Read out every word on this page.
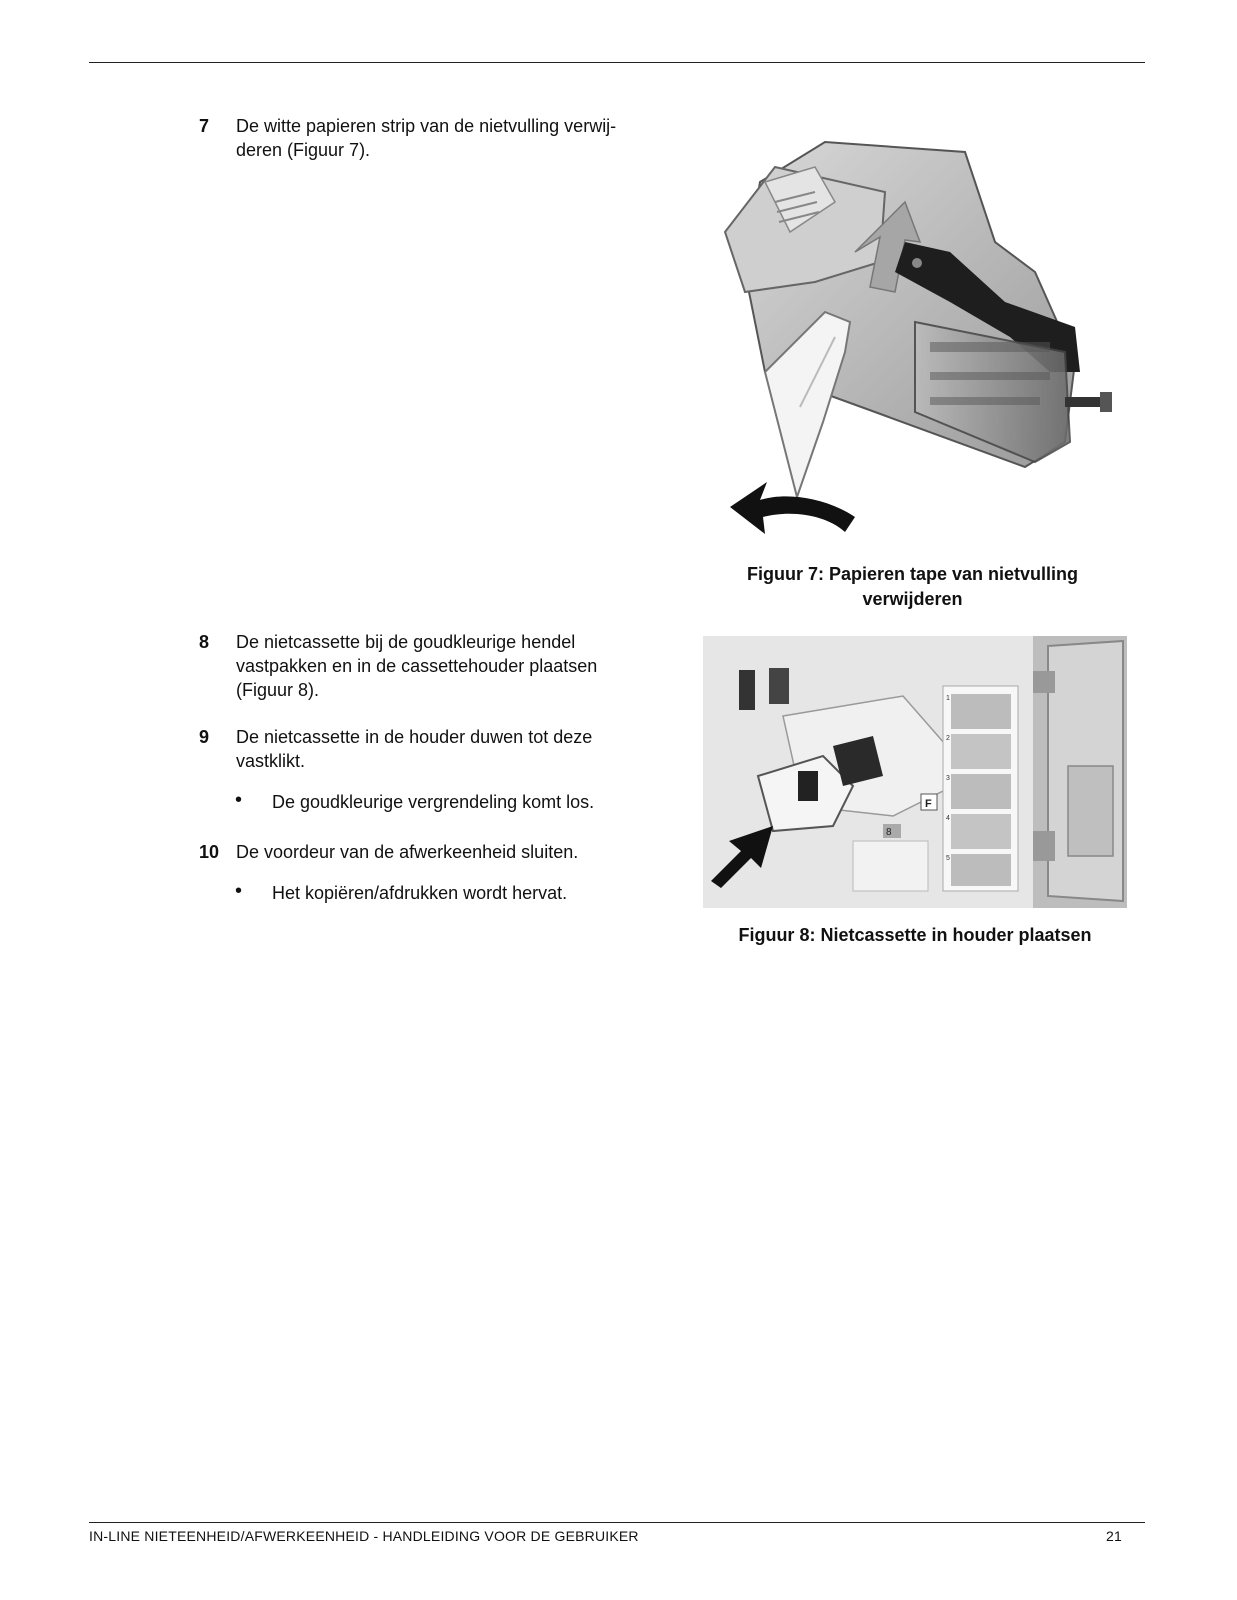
7 De witte papieren strip van de nietvulling verwij-deren (Figuur 7).
Figuur 7: Papieren tape van nietvulling
verwijderen
8 De nietcassette bij de goudkleurige hendel vastpakken en in de cassettehouder plaatsen (Figuur 8).
9 De nietcassette in de houder duwen tot deze vastklikt.
• De goudkleurige vergrendeling komt los.
10 De voordeur van de afwerkeenheid sluiten.
• Het kopiëren/afdrukken wordt hervat.
1
2
3
4
5
F
8
Figuur 8: Nietcassette in houder plaatsen
IN-LINE NIETEENHEID/AFWERKEENHEID - HANDLEIDING VOOR DE GEBRUIKER	21
